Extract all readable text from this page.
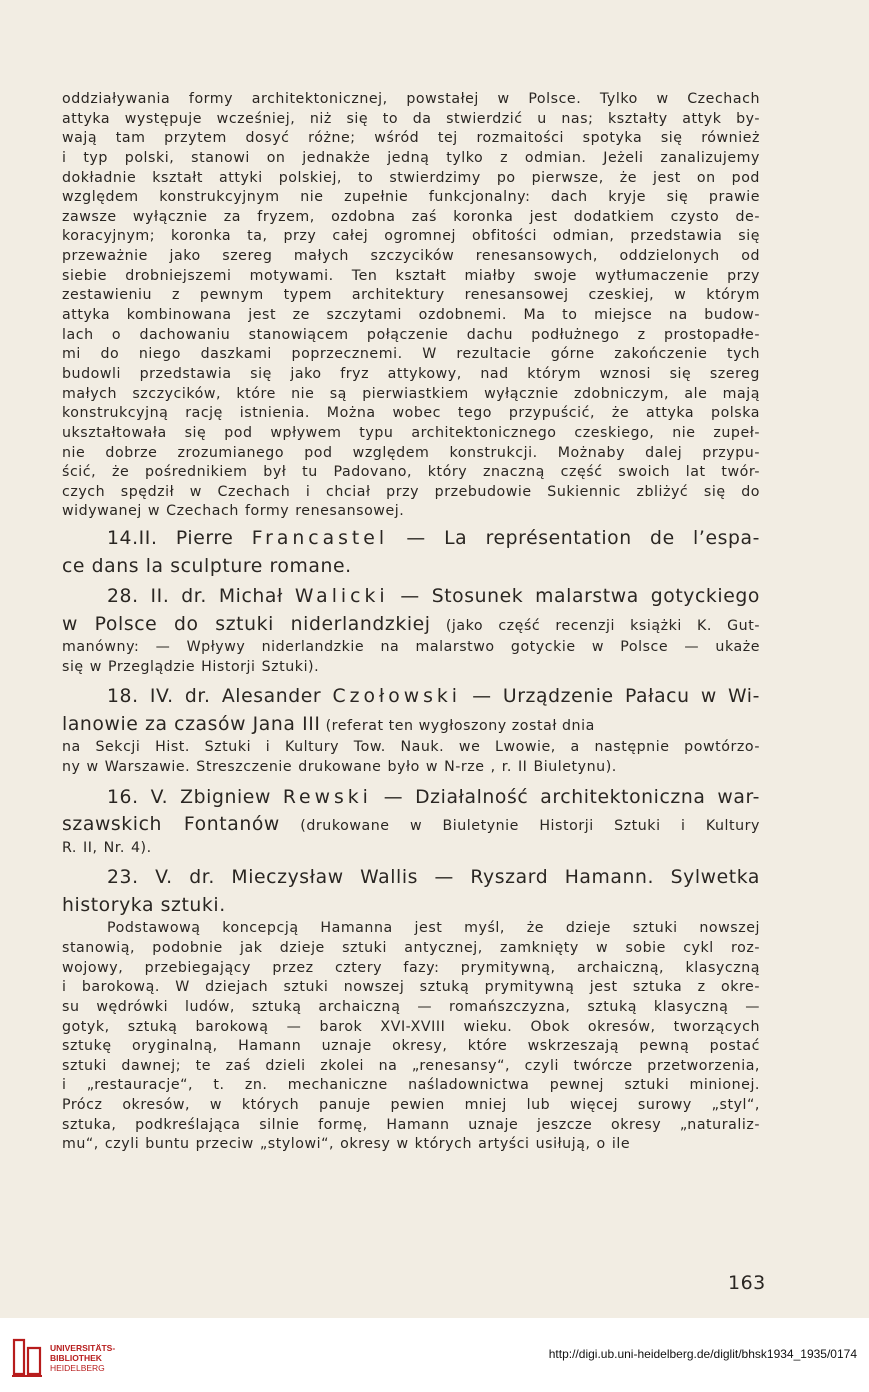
oddziaływania formy architektonicznej, powstałej w Polsce. Tylko w Czechach
attyka występuje wcześniej, niż się to da stwierdzić u nas; kształty attyk by-
wają tam przytem dosyć różne; wśród tej rozmaitości spotyka się również
i typ polski, stanowi on jednakże jedną tylko z odmian. Jeżeli zanalizujemy
dokładnie kształt attyki polskiej, to stwierdzimy po pierwsze, że jest on pod
względem konstrukcyjnym nie zupełnie funkcjonalny: dach kryje się prawie
zawsze wyłącznie za fryzem, ozdobna zaś koronka jest dodatkiem czysto de-
koracyjnym; koronka ta, przy całej ogromnej obfitości odmian, przedstawia się
przeważnie jako szereg małych szczycików renesansowych, oddzielonych od
siebie drobniejszemi motywami. Ten kształt miałby swoje wytłumaczenie przy
zestawieniu z pewnym typem architektury renesansowej czeskiej, w którym
attyka kombinowana jest ze szczytami ozdobnemi. Ma to miejsce na budow-
lach o dachowaniu stanowiącem połączenie dachu podłużnego z prostopadłe-
mi do niego daszkami poprzecznemi. W rezultacie górne zakończenie tych
budowli przedstawia się jako fryz attykowy, nad którym wznosi się szereg
małych szczycików, które nie są pierwiastkiem wyłącznie zdobniczym, ale mają
konstrukcyjną rację istnienia. Można wobec tego przypuścić, że attyka polska
ukształtowała się pod wpływem typu architektonicznego czeskiego, nie zupeł-
nie dobrze zrozumianego pod względem konstrukcji. Możnaby dalej przypu-
ścić, że pośrednikiem był tu Padovano, który znaczną część swoich lat twór-
czych spędził w Czechach i chciał przy przebudowie Sukiennic zbliżyć się do
widywanej w Czechach formy renesansowej.
14.II. Pierre Francastel — La représentation de l’espa-
ce dans la sculpture romane.
28. II. dr. Michał Walicki — Stosunek malarstwa gotyckiego
w Polsce do sztuki niderlandzkiej (jako część recenzji książki K. Gut-
manówny: — Wpływy niderlandzkie na malarstwo gotyckie w Polsce — ukaże
się w Przeglądzie Historji Sztuki).
18. IV. dr. Alesander Czołowski — Urządzenie Pałacu w Wi-
lanowie za czasów Jana III (referat ten wygłoszony został dnia
na Sekcji Hist. Sztuki i Kultury Tow. Nauk. we Lwowie, a następnie powtórzo-
ny w Warszawie. Streszczenie drukowane było w N-rze , r. II Biuletynu).
16. V. Zbigniew Rewski — Działalność architektoniczna war-
szawskich Fontanów (drukowane w Biuletynie Historji Sztuki i Kultury
R. II, Nr. 4).
23. V. dr. Mieczysław Wallis — Ryszard Hamann. Sylwetka
historyka sztuki.
Podstawową koncepcją Hamanna jest myśl, że dzieje sztuki nowszej
stanowią, podobnie jak dzieje sztuki antycznej, zamknięty w sobie cykl roz-
wojowy, przebiegający przez cztery fazy: prymitywną, archaiczną, klasyczną
i barokową. W dziejach sztuki nowszej sztuką prymitywną jest sztuka z okre-
su wędrówki ludów, sztuką archaiczną — romańszczyzna, sztuką klasyczną —
gotyk, sztuką barokową — barok XVI-XVIII wieku. Obok okresów, tworzących
sztukę oryginalną, Hamann uznaje okresy, które wskrzeszają pewną postać
sztuki dawnej; te zaś dzieli zkolei na „renesansy“, czyli twórcze przetworzenia,
i „restauracje“, t. zn. mechaniczne naśladownictwa pewnej sztuki minionej.
Prócz okresów, w których panuje pewien mniej lub więcej surowy „styl“,
sztuka, podkreślająca silnie formę, Hamann uznaje jeszcze okresy „naturaliz-
mu“, czyli buntu przeciw „stylowi“, okresy w których artyści usiłują, o ile
163
UNIVERSITÄTS-
BIBLIOTHEK
HEIDELBERG
http://digi.ub.uni-heidelberg.de/diglit/bhsk1934_1935/0174
